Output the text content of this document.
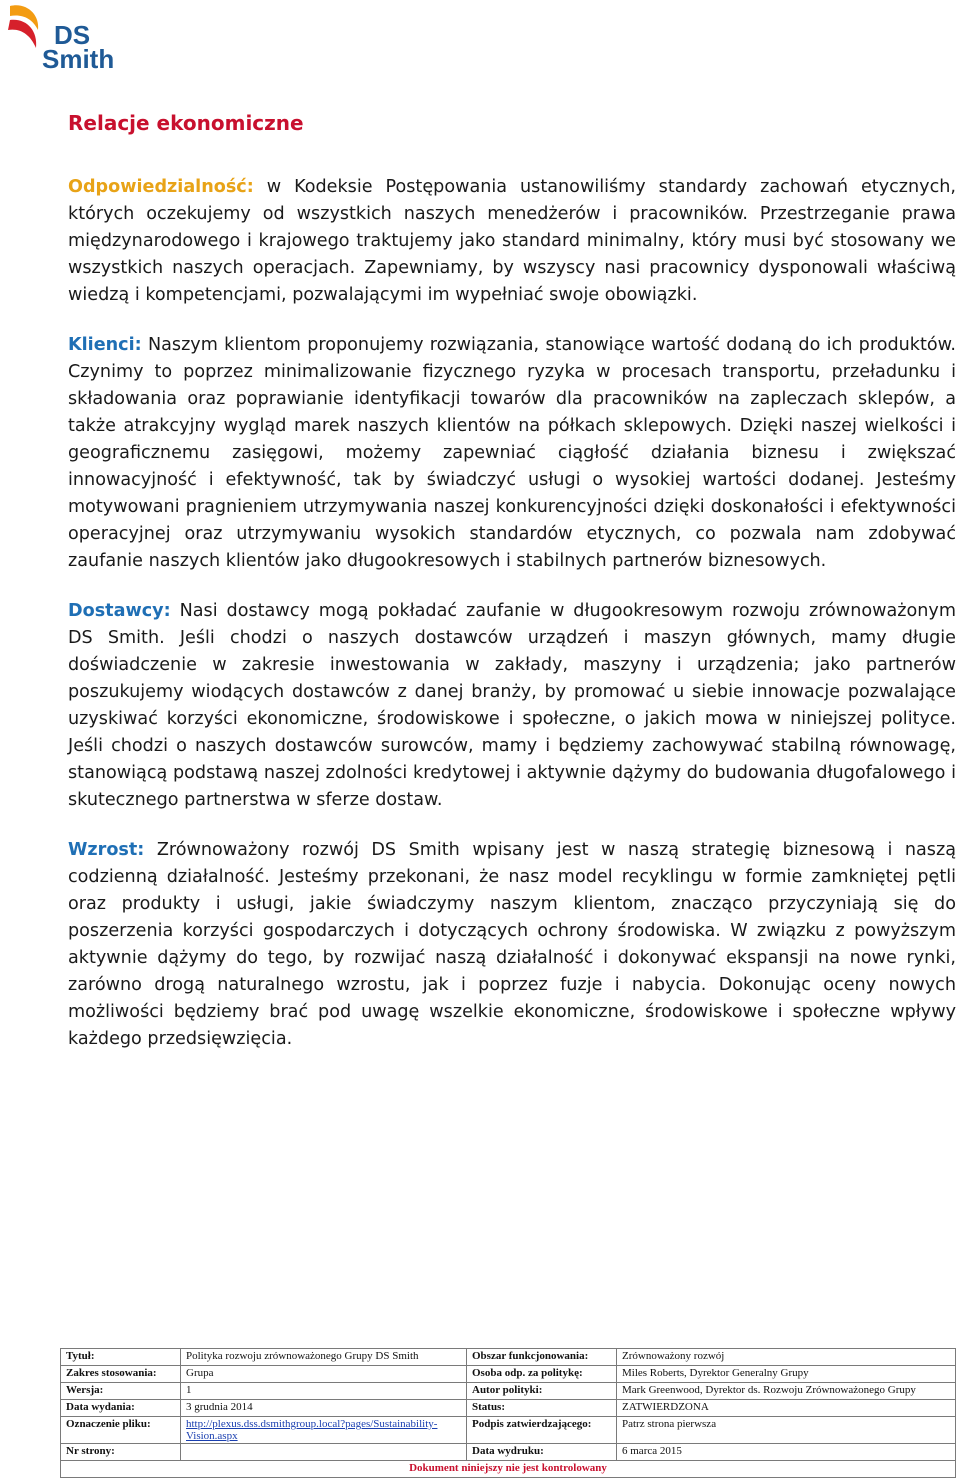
DS
Smith
Relacje ekonomiczne

Odpowiedzialność: w Kodeksie Postępowania ustanowiliśmy standardy zachowań etycznych, których oczekujemy od wszystkich naszych menedżerów i pracowników. Przestrzeganie prawa międzynarodowego i krajowego traktujemy jako standard minimalny, który musi być stosowany we wszystkich naszych operacjach. Zapewniamy, by wszyscy nasi pracownicy dysponowali właściwą wiedzą i kompetencjami, pozwalającymi im wypełniać swoje obowiązki.

Klienci: Naszym klientom proponujemy rozwiązania, stanowiące wartość dodaną do ich produktów. Czynimy to poprzez minimalizowanie fizycznego ryzyka w procesach transportu, przeładunku i składowania oraz poprawianie identyfikacji towarów dla pracowników na zapleczach sklepów, a także atrakcyjny wygląd marek naszych klientów na półkach sklepowych. Dzięki naszej wielkości i geograficznemu zasięgowi, możemy zapewniać ciągłość działania biznesu i zwiększać innowacyjność i efektywność, tak by świadczyć usługi o wysokiej wartości dodanej. Jesteśmy motywowani pragnieniem utrzymywania naszej konkurencyjności dzięki doskonałości i efektywności operacyjnej oraz utrzymywaniu wysokich standardów etycznych, co pozwala nam zdobywać zaufanie naszych klientów jako długookresowych i stabilnych partnerów biznesowych.

Dostawcy: Nasi dostawcy mogą pokładać zaufanie w długookresowym rozwoju zrównoważonym DS Smith. Jeśli chodzi o naszych dostawców urządzeń i maszyn głównych, mamy długie doświadczenie w zakresie inwestowania w zakłady, maszyny i urządzenia; jako partnerów poszukujemy wiodących dostawców z danej branży, by promować u siebie innowacje pozwalające uzyskiwać korzyści ekonomiczne, środowiskowe i społeczne, o jakich mowa w niniejszej polityce. Jeśli chodzi o naszych dostawców surowców, mamy i będziemy zachowywać stabilną równowagę, stanowiącą podstawą naszej zdolności kredytowej i aktywnie dążymy do budowania długofalowego i skutecznego partnerstwa w sferze dostaw.

Wzrost: Zrównoważony rozwój DS Smith wpisany jest w naszą strategię biznesową i naszą codzienną działalność. Jesteśmy przekonani, że nasz model recyklingu w formie zamkniętej pętli oraz produkty i usługi, jakie świadczymy naszym klientom, znacząco przyczyniają się do poszerzenia korzyści gospodarczych i dotyczących ochrony środowiska. W związku z powyższym aktywnie dążymy do tego, by rozwijać naszą działalność i dokonywać ekspansji na nowe rynki, zarówno drogą naturalnego wzrostu, jak i poprzez fuzje i nabycia. Dokonując oceny nowych możliwości będziemy brać pod uwagę wszelkie ekonomiczne, środowiskowe i społeczne wpływy każdego przedsięwzięcia.

Tytuł:	Polityka rozwoju zrównoważonego Grupy DS Smith	Obszar funkcjonowania:	Zrównoważony rozwój
Zakres stosowania:	Grupa	Osoba odp. za politykę:	Miles Roberts, Dyrektor Generalny Grupy
Wersja:	1	Autor polityki:	Mark Greenwood, Dyrektor ds. Rozwoju Zrównoważonego Grupy
Data wydania:	3 grudnia 2014	Status:	ZATWIERDZONA
Oznaczenie pliku:	http://plexus.dss.dsmithgroup.local?pages/Sustainability-Vision.aspx	Podpis zatwierdzającego:	Patrz strona pierwsza
Nr strony:		Data wydruku:	6 marca 2015
Dokument niniejszy nie jest kontrolowany			
